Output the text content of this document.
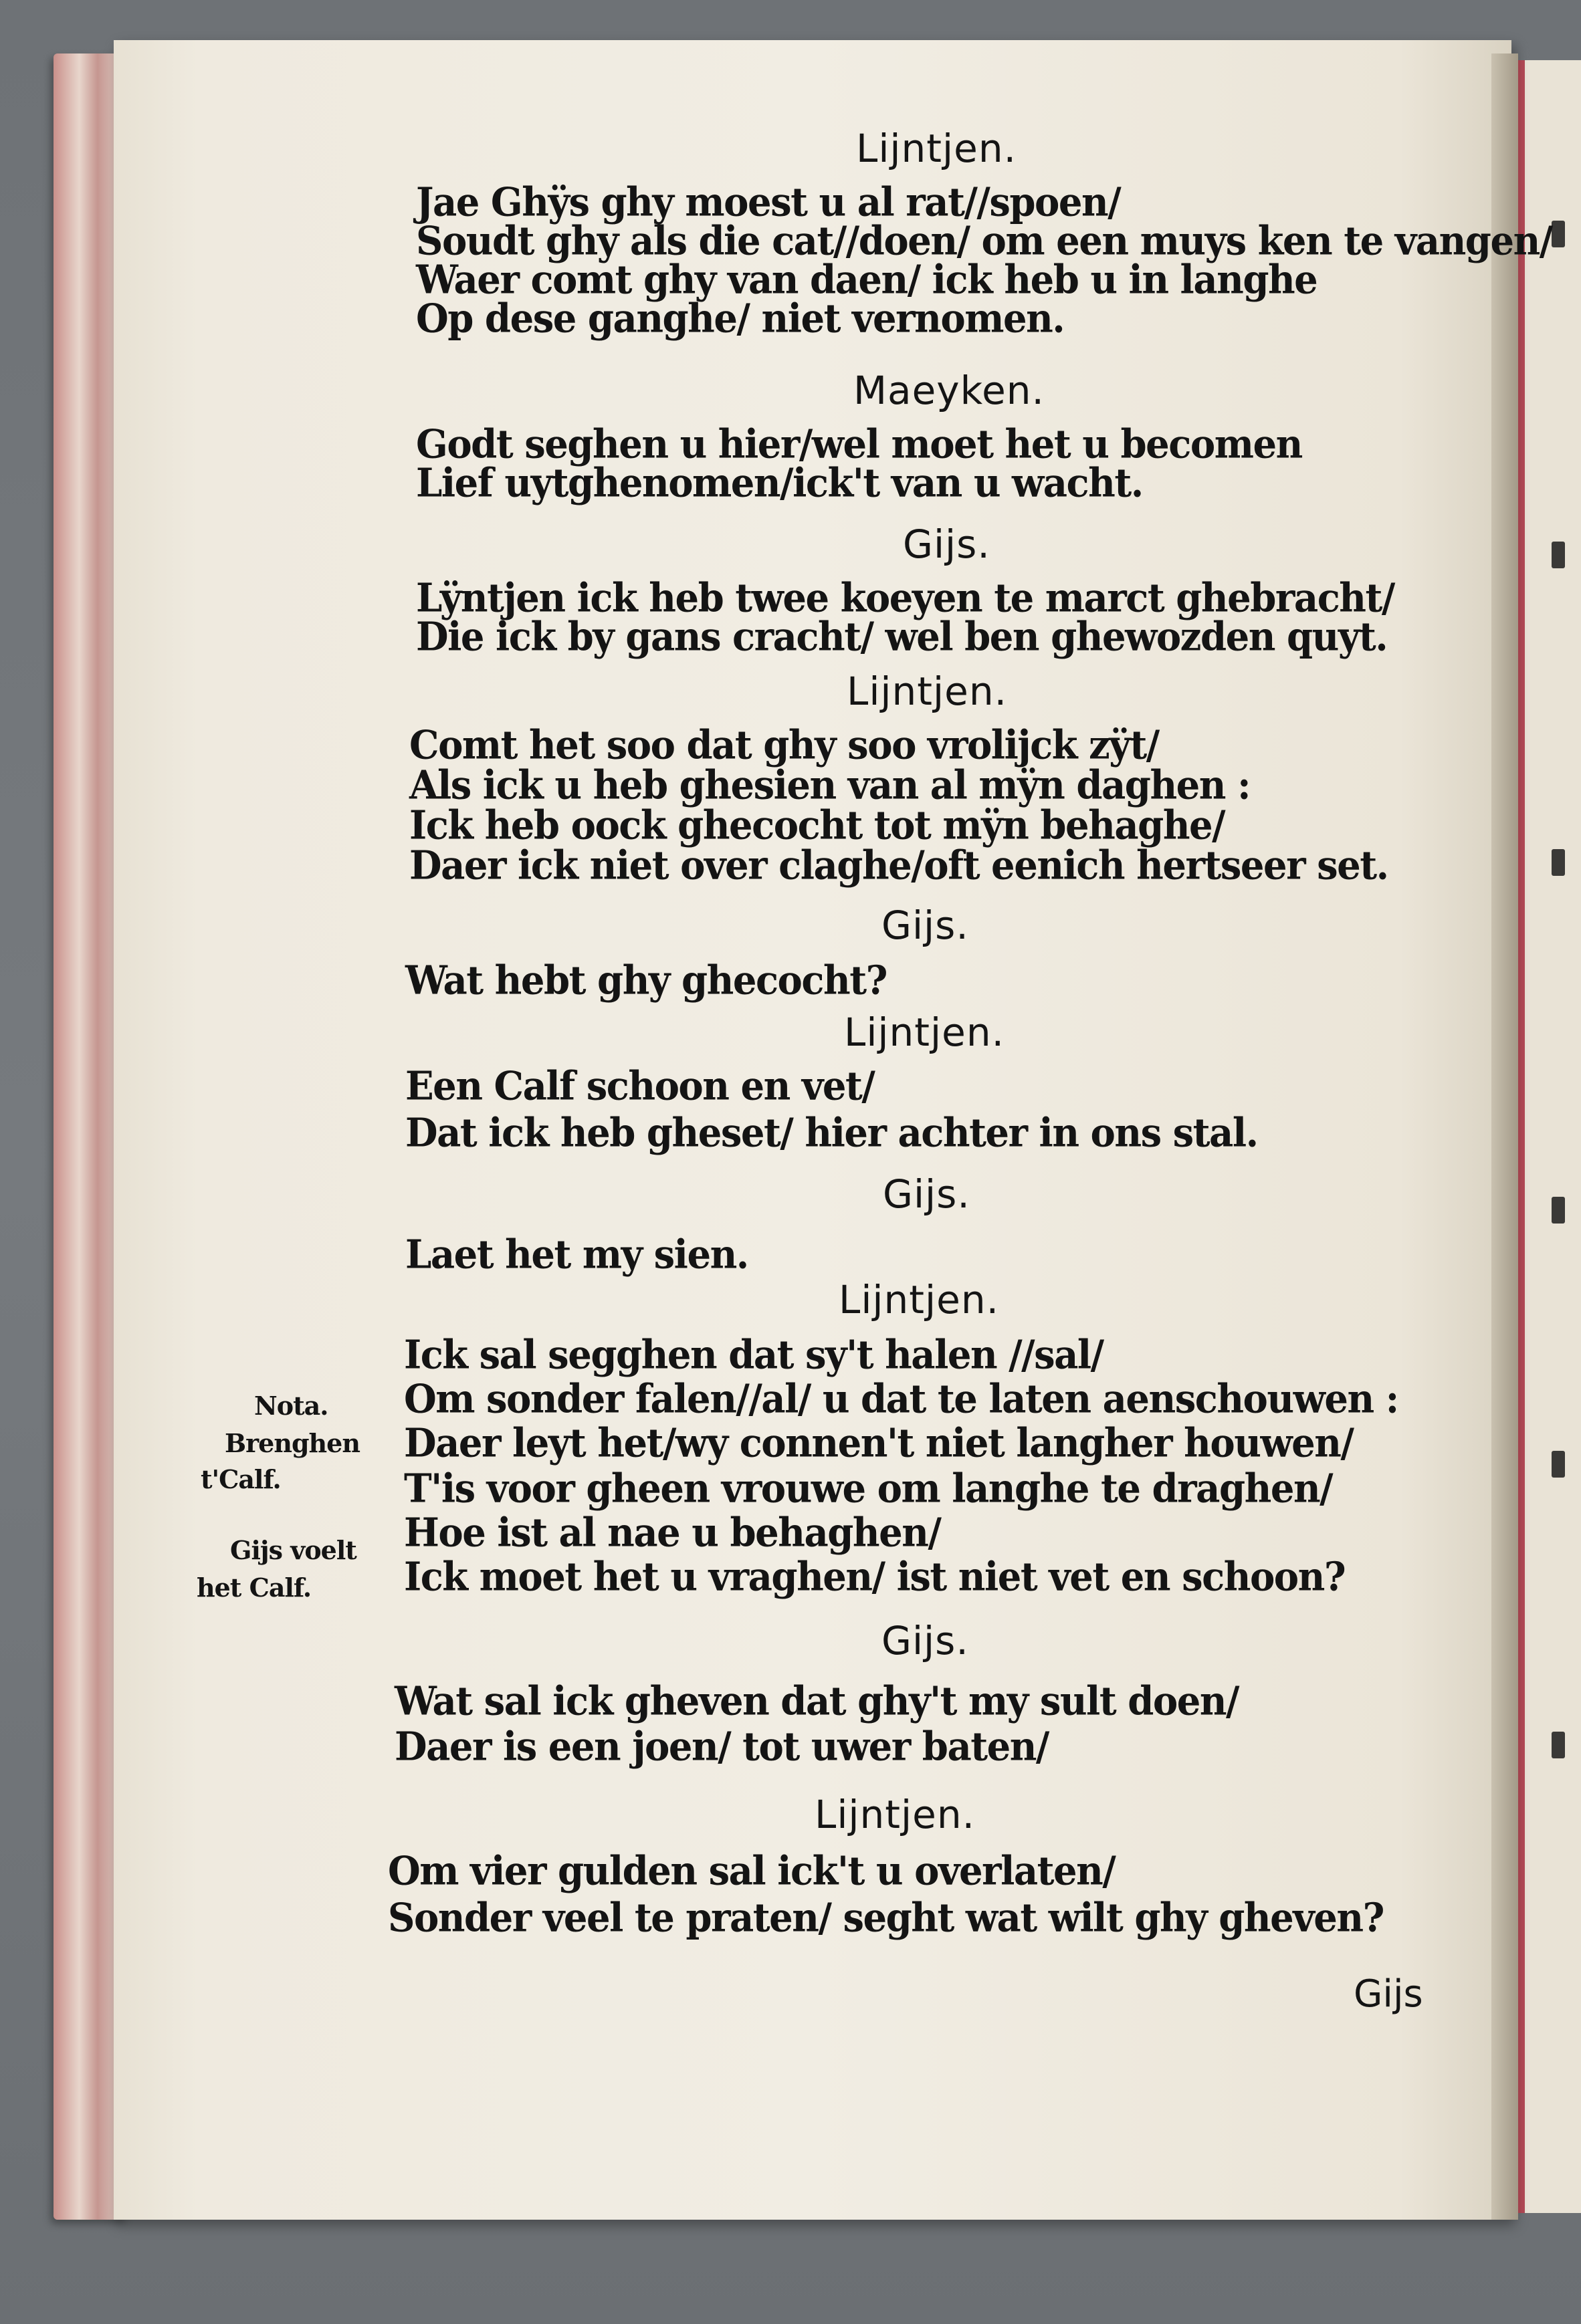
Lijntjen.
Jae Ghÿs ghy moest u al rat//spoen/
Soudt ghy als die cat//doen/ om een muys ken te vangen/
Waer comt ghy van daen/ ick heb u in langhe
Op dese ganghe/ niet vernomen.
Maeyken.
Godt seghen u hier/wel moet het u becomen
Lief uytghenomen/ick't van u wacht.
Gijs.
Lÿntjen ick heb twee koeyen te marct ghebracht/
Die ick by gans cracht/ wel ben ghewozden quyt.
Lijntjen.
Comt het soo dat ghy soo vrolijck zÿt/
Als ick u heb ghesien van al mÿn daghen :
Ick heb oock ghecocht tot mÿn behaghe/
Daer ick niet over claghe/oft eenich hertseer set.
Gijs.
Wat hebt ghy ghecocht?
Lijntjen.
Een Calf schoon en vet/
Dat ick heb gheset/ hier achter in ons stal.
Gijs.
Laet het my sien.
Lijntjen.
Ick sal segghen dat sy't halen //sal/
Om sonder falen//al/ u dat te laten aenschouwen :
Daer leyt het/wy connen't niet langher houwen/
T'is voor gheen vrouwe om langhe te draghen/
Hoe ist al nae u behaghen/
Ick moet het u vraghen/ ist niet vet en schoon?
Nota.
Brenghen
t'Calf.
Gijs voelt
het Calf.
Gijs.
Wat sal ick gheven dat ghy't my sult doen/
Daer is een joen/ tot uwer baten/
Lijntjen.
Om vier gulden sal ick't u overlaten/
Sonder veel te praten/ seght wat wilt ghy gheven?
Gijs
